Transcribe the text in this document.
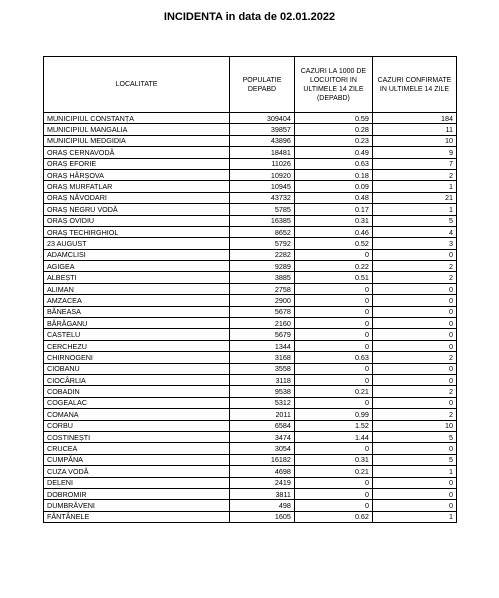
INCIDENTA in data de 02.01.2022
LOCALITATE	POPULATIE DEPABD	CAZURI LA 1000 DE LOCUITORI IN ULTIMELE 14 ZILE (DEPABD)	CAZURI CONFIRMATE IN ULTIMELE 14 ZILE
MUNICIPIUL CONSTANȚA	309404	0.59	184
MUNICIPIUL MANGALIA	39857	0.28	11
MUNICIPIUL MEDGIDIA	43896	0.23	10
ORAȘ CERNAVODĂ	18481	0.49	9
ORAȘ EFORIE	11026	0.63	7
ORAȘ HÂRȘOVA	10920	0.18	2
ORAȘ MURFATLAR	10945	0.09	1
ORAȘ NĂVODARI	43732	0.48	21
ORAȘ NEGRU VODĂ	5785	0.17	1
ORAȘ OVIDIU	16385	0.31	5
ORAȘ TECHIRGHIOL	8652	0.46	4
23 AUGUST	5792	0.52	3
ADAMCLISI	2282	0	0
AGIGEA	9289	0.22	2
ALBEȘTI	3885	0.51	2
ALIMAN	2758	0	0
AMZACEA	2900	0	0
BĂNEASA	5678	0	0
BĂRĂGANU	2160	0	0
CASTELU	5679	0	0
CERCHEZU	1344	0	0
CHIRNOGENI	3168	0.63	2
CIOBANU	3558	0	0
CIOCÂRLIA	3118	0	0
COBADIN	9538	0.21	2
COGEALAC	5312	0	0
COMANA	2011	0.99	2
CORBU	6584	1.52	10
COSTINEȘTI	3474	1.44	5
CRUCEA	3054	0	0
CUMPĂNA	16182	0.31	5
CUZA VODĂ	4698	0.21	1
DELENI	2419	0	0
DOBROMIR	3811	0	0
DUMBRĂVENI	498	0	0
FÂNTÂNELE	1605	0.62	1
